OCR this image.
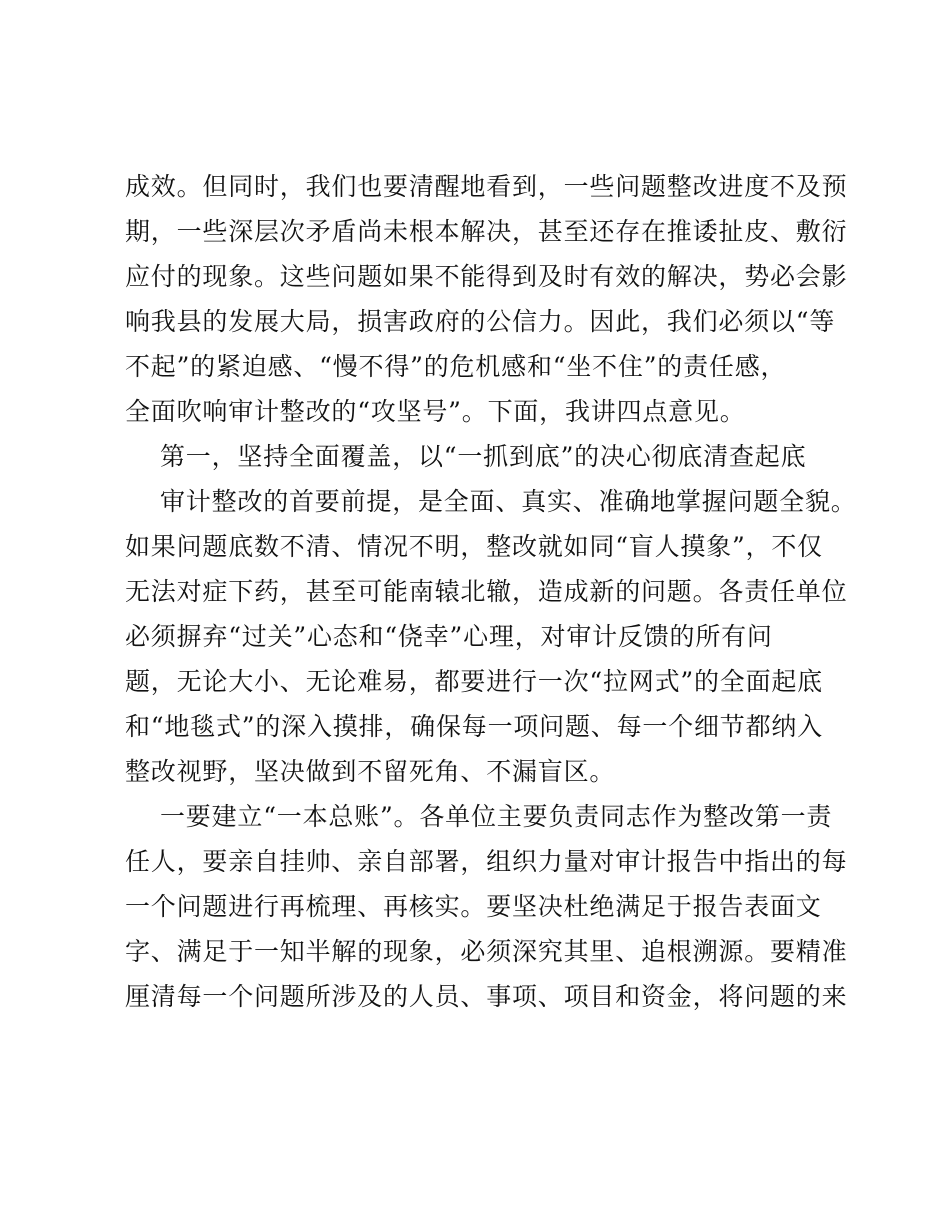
成效。但同时，我们也要清醒地看到，一些问题整改进度不及预
期，一些深层次矛盾尚未根本解决，甚至还存在推诿扯皮、敷衍
应付的现象。这些问题如果不能得到及时有效的解决，势必会影
响我县的发展大局，损害政府的公信力。因此，我们必须以“等
不起”的紧迫感、“慢不得”的危机感和“坐不住”的责任感，
全面吹响审计整改的“攻坚号”。下面，我讲四点意见。
第一，坚持全面覆盖，以“一抓到底”的决心彻底清查起底
审计整改的首要前提，是全面、真实、准确地掌握问题全貌。
如果问题底数不清、情况不明，整改就如同“盲人摸象”，不仅
无法对症下药，甚至可能南辕北辙，造成新的问题。各责任单位
必须摒弃“过关”心态和“侥幸”心理，对审计反馈的所有问
题，无论大小、无论难易，都要进行一次“拉网式”的全面起底
和“地毯式”的深入摸排，确保每一项问题、每一个细节都纳入
整改视野，坚决做到不留死角、不漏盲区。
一要建立“一本总账”。各单位主要负责同志作为整改第一责
任人，要亲自挂帅、亲自部署，组织力量对审计报告中指出的每
一个问题进行再梳理、再核实。要坚决杜绝满足于报告表面文
字、满足于一知半解的现象，必须深究其里、追根溯源。要精准
厘清每一个问题所涉及的人员、事项、项目和资金，将问题的来
